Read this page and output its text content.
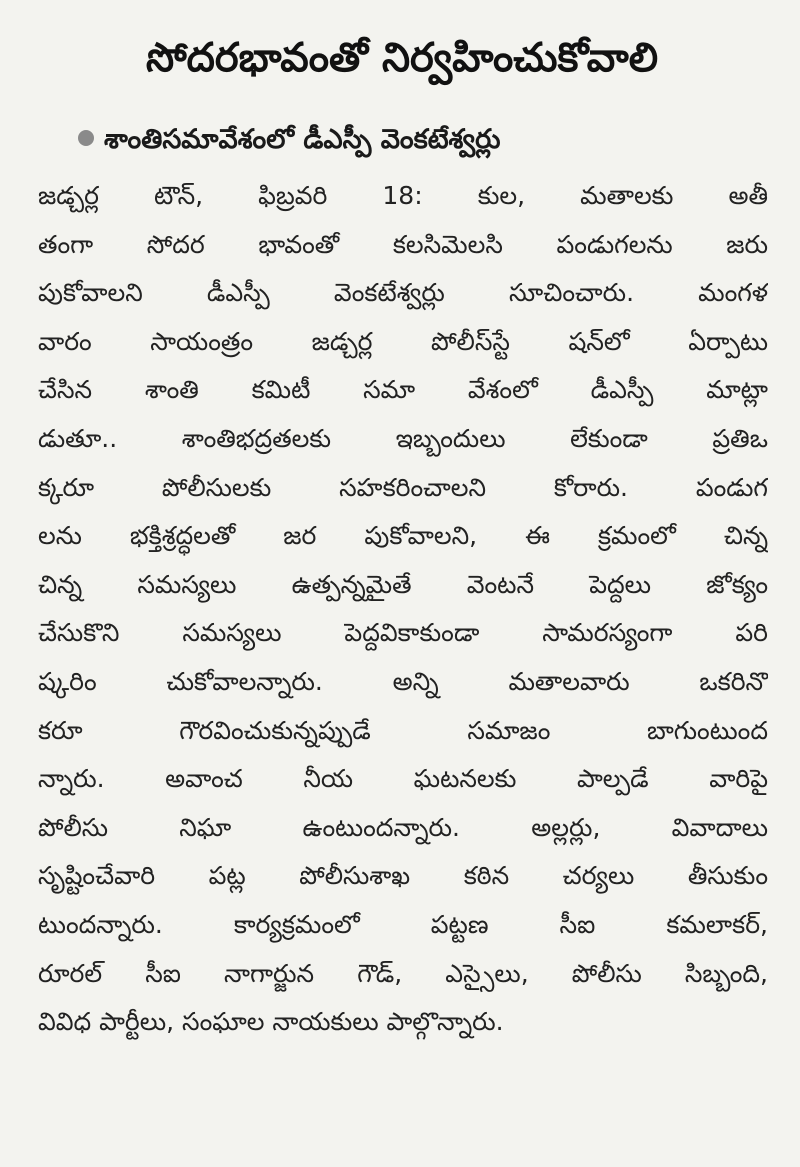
సోదరభావంతో నిర్వహించుకోవాలి
శాంతిసమావేశంలో డీఎస్పీ వెంకటేశ్వర్లు
జడ్చర్ల టౌన్, ఫిబ్రవరి 18: కుల, మతాలకు అతీ
తంగా సోదర భావంతో కలసిమెలసి పండుగలను జరు
పుకోవాలని డీఎస్పీ వెంకటేశ్వర్లు సూచించారు. మంగళ
వారం సాయంత్రం జడ్చర్ల పోలీస్‌స్టే షన్‌లో ఏర్పాటు
చేసిన శాంతి కమిటీ సమా వేశంలో డీఎస్పీ మాట్లా
డుతూ.. శాంతిభద్రతలకు ఇబ్బందులు లేకుండా ప్రతిఒ
క్కరూ పోలీసులకు సహకరించాలని కోరారు. పండుగ
లను భక్తిశ్రద్ధలతో జర పుకోవాలని, ఈ క్రమంలో చిన్న
చిన్న సమస్యలు ఉత్పన్నమైతే వెంటనే పెద్దలు జోక్యం
చేసుకొని సమస్యలు పెద్దవికాకుండా సామరస్యంగా పరి
ష్కరిం చుకోవాలన్నారు. అన్ని మతాలవారు ఒకరినొ
కరూ గౌరవించుకున్నప్పుడే సమాజం బాగుంటుంద
న్నారు. అవాంచ నీయ ఘటనలకు పాల్పడే వారిపై
పోలీసు నిఘా ఉంటుందన్నారు. అల్లర్లు, వివాదాలు
సృష్టించేవారి పట్ల పోలీసుశాఖ కఠిన చర్యలు తీసుకుం
టుందన్నారు. కార్యక్రమంలో పట్టణ సీఐ కమలాకర్,
రూరల్ సీఐ నాగార్జున గౌడ్, ఎస్సైలు, పోలీసు సిబ్బంది,
వివిధ పార్టీలు, సంఘాల నాయకులు పాల్గొన్నారు.
